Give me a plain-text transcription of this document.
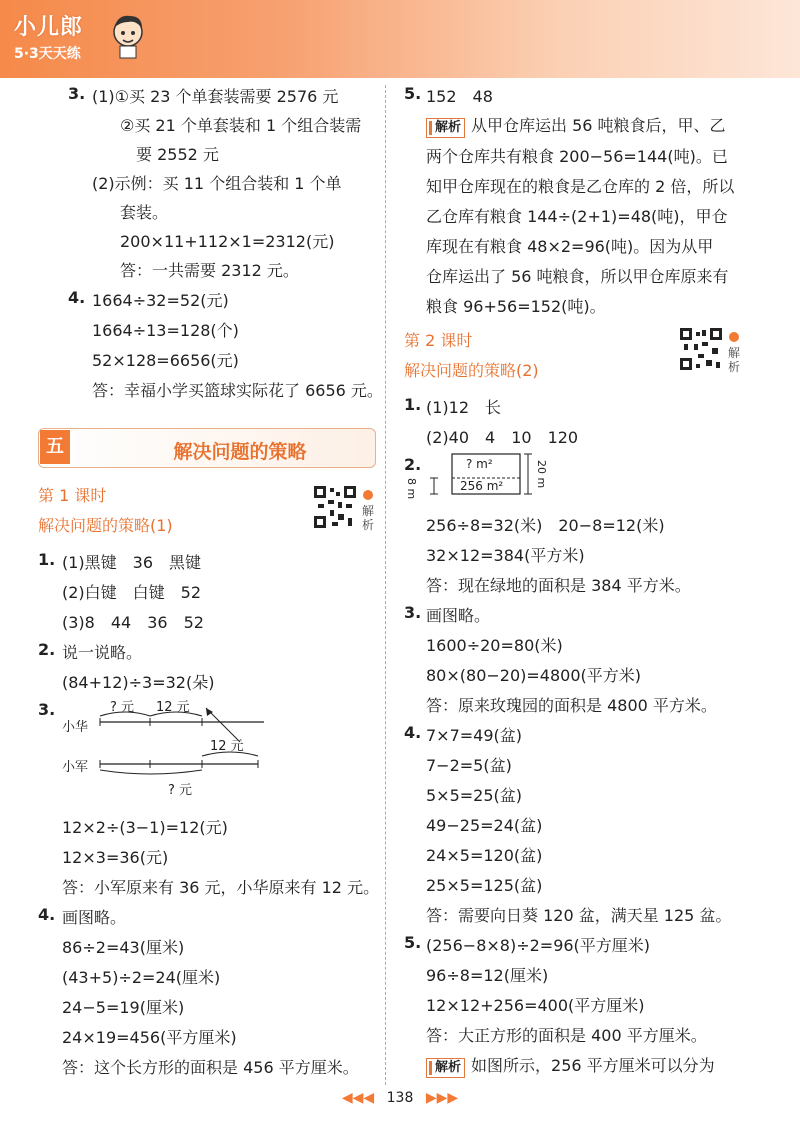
小儿郎
5·3天天练
3. (1)①买 23 个单套装需要 2576 元
②买 21 个单套装和 1 个组合装需
要 2552 元
(2)示例：买 11 个组合装和 1 个单
套装。
200×11+112×1=2312(元)
答：一共需要 2312 元。
4. 1664÷32=52(元)
1664÷13=128(个)
52×128=6656(元)
答：幸福小学买篮球实际花了 6656 元。
五	解决问题的策略
第 1 课时
解决问题的策略(1)
解析
1. (1)黑键　36　黑键
(2)白键　白键　52
(3)8　44　36　52
2. 说一说略。
(84+12)÷3=32(朵)
3.	? 元 12 元
小华
12 元
小军
? 元
12×2÷(3−1)=12(元)
12×3=36(元)
答：小军原来有 36 元，小华原来有 12 元。
4. 画图略。
86÷2=43(厘米)
(43+5)÷2=24(厘米)
24−5=19(厘米)
24×19=456(平方厘米)
答：这个长方形的面积是 456 平方厘米。
5. 152　48
解析 从甲仓库运出 56 吨粮食后，甲、乙
两个仓库共有粮食 200−56=144(吨)。已
知甲仓库现在的粮食是乙仓库的 2 倍，所以
乙仓库有粮食 144÷(2+1)=48(吨)，甲仓
库现在有粮食 48×2=96(吨)。因为从甲
仓库运出了 56 吨粮食，所以甲仓库原来有
粮食 96+56=152(吨)。
第 2 课时
解决问题的策略(2)
解析
1. (1)12　长
(2)40　4　10　120
2.	? m²
256 m²
8 m
20 m
256÷8=32(米)　20−8=12(米)
32×12=384(平方米)
答：现在绿地的面积是 384 平方米。
3. 画图略。
1600÷20=80(米)
80×(80−20)=4800(平方米)
答：原来玫瑰园的面积是 4800 平方米。
4. 7×7=49(盆)
7−2=5(盆)
5×5=25(盆)
49−25=24(盆)
24×5=120(盆)
25×5=125(盆)
答：需要向日葵 120 盆，满天星 125 盆。
5. (256−8×8)÷2=96(平方厘米)
96÷8=12(厘米)
12×12+256=400(平方厘米)
答：大正方形的面积是 400 平方厘米。
解析 如图所示，256 平方厘米可以分为
◀◀◀ 138 ▶▶▶
